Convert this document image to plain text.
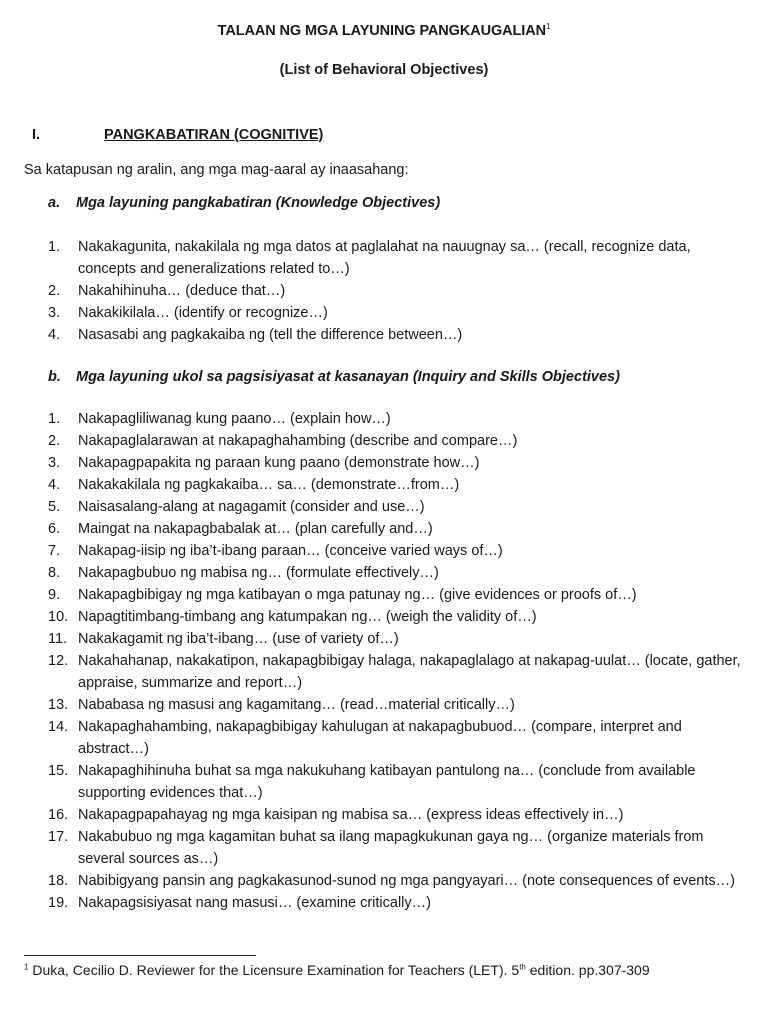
TALAAN NG MGA LAYUNING PANGKAUGALIAN$^1$
(List of Behavioral Objectives)
I.	PANGKABATIRAN (COGNITIVE)
Sa katapusan ng aralin, ang mga mag-aaral ay inaasahang:
a. Mga layuning pangkabatiran (Knowledge Objectives)
1. Nakakagunita, nakakilala ng mga datos at paglalahat na nauugnay sa… (recall, recognize data, concepts and generalizations related to…)
2. Nakahihinuha… (deduce that…)
3. Nakakikilala… (identify or recognize…)
4. Nasasabi ang pagkakaiba ng (tell the difference between…)
b. Mga layuning ukol sa pagsisiyasat at kasanayan (Inquiry and Skills Objectives)
1. Nakapagliliwanag kung paano… (explain how…)
2. Nakapaglalarawan at nakapaghahambing (describe and compare…)
3. Nakapagpapakita ng paraan kung paano (demonstrate how…)
4. Nakakakilala ng pagkakaiba… sa… (demonstrate…from…)
5. Naisasalang-alang at nagagamit (consider and use…)
6. Maingat na nakapagbabalak at… (plan carefully and…)
7. Nakapag-iisip ng iba’t-ibang paraan… (conceive varied ways of…)
8. Nakapagbubuo ng mabisa ng… (formulate effectively…)
9. Nakapagbibigay ng mga katibayan o mga patunay ng… (give evidences or proofs of…)
10. Napagtitimbang-timbang ang katumpakan ng… (weigh the validity of…)
11. Nakakagamit ng iba’t-ibang… (use of variety of…)
12. Nakahahanap, nakakatipon, nakapagbibigay halaga, nakapaglalago at nakapag-uulat… (locate, gather, appraise, summarize and report…)
13. Nababasa ng masusi ang kagamitang… (read…material critically…)
14. Nakapaghahambing, nakapagbibigay kahulugan at nakapagbubuod… (compare, interpret and abstract…)
15. Nakapaghihinuha buhat sa mga nakukuhang katibayan pantulong na… (conclude from available supporting evidences that…)
16. Nakapagpapahayag ng mga kaisipan ng mabisa sa… (express ideas effectively in…)
17. Nakabubuo ng mga kagamitan buhat sa ilang mapagkukunan gaya ng… (organize materials from several sources as…)
18. Nabibigyang pansin ang pagkakasunod-sunod ng mga pangyayari… (note consequences of events…)
19. Nakapagsisiyasat nang masusi… (examine critically…)
$^1$ Duka, Cecilio D. Reviewer for the Licensure Examination for Teachers (LET). 5th edition. pp.307-309
